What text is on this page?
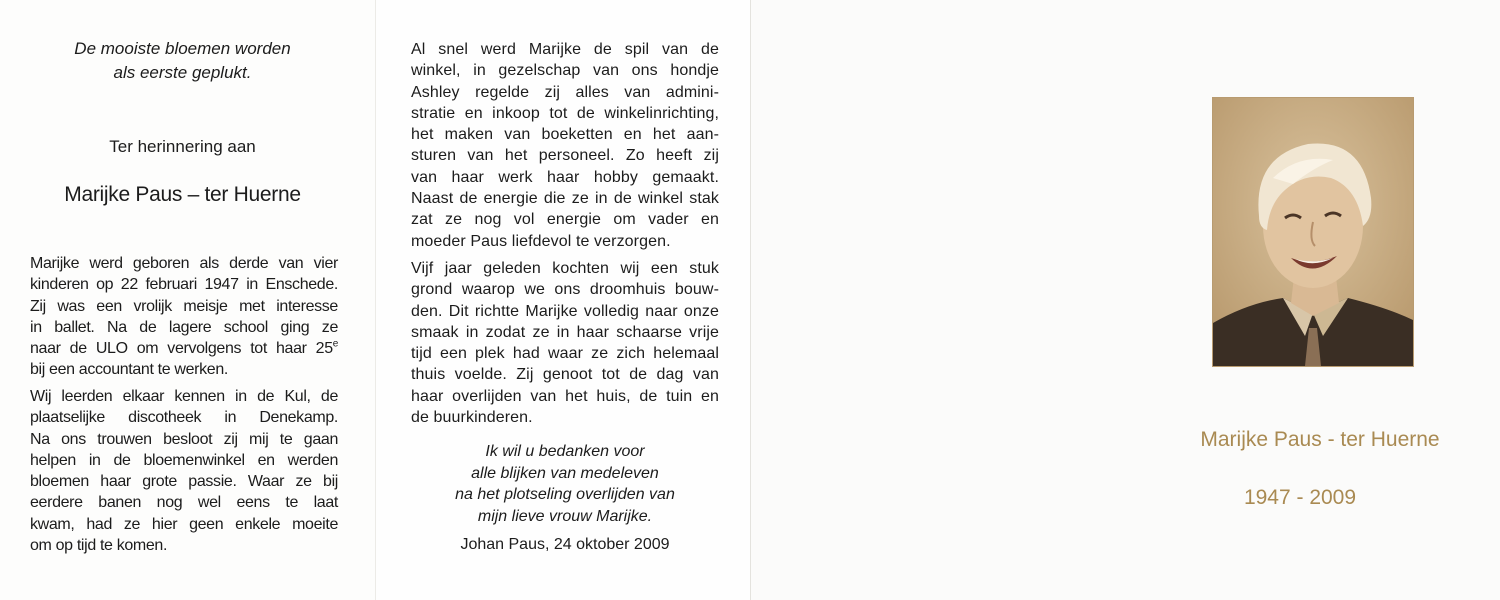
De mooiste bloemen worden
als eerste geplukt.
Ter herinnering aan
Marijke Paus – ter Huerne
Marijke werd geboren als derde van vier
kinderen op 22 februari 1947 in Enschede.
Zij was een vrolijk meisje met interesse
in ballet. Na de lagere school ging ze
naar de ULO om vervolgens tot haar 25e
bij een accountant te werken.
Wij leerden elkaar kennen in de Kul, de
plaatselijke discotheek in Denekamp.
Na ons trouwen besloot zij mij te gaan
helpen in de bloemenwinkel en werden
bloemen haar grote passie. Waar ze bij
eerdere banen nog wel eens te laat
kwam, had ze hier geen enkele moeite
om op tijd te komen.
Al snel werd Marijke de spil van de
winkel, in gezelschap van ons hondje
Ashley regelde zij alles van admini-
stratie en inkoop tot de winkelinrichting,
het maken van boeketten en het aan-
sturen van het personeel. Zo heeft zij
van haar werk haar hobby gemaakt.
Naast de energie die ze in de winkel stak
zat ze nog vol energie om vader en
moeder Paus liefdevol te verzorgen.
Vijf jaar geleden kochten wij een stuk
grond waarop we ons droomhuis bouw-
den. Dit richtte Marijke volledig naar onze
smaak in zodat ze in haar schaarse vrije
tijd een plek had waar ze zich helemaal
thuis voelde. Zij genoot tot de dag van
haar overlijden van het huis, de tuin en
de buurkinderen.
Ik wil u bedanken voor
alle blijken van medeleven
na het plotseling overlijden van
mijn lieve vrouw Marijke.
Johan Paus, 24 oktober 2009
Marijke Paus - ter Huerne
1947 - 2009
